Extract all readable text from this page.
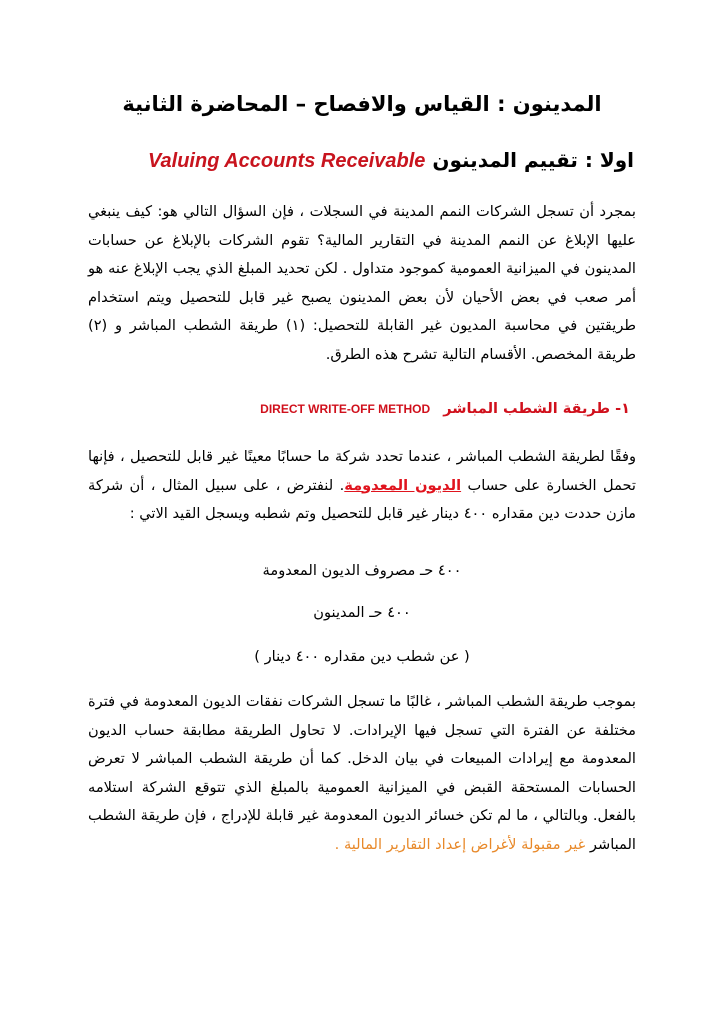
المدينون : القياس والافصاح – المحاضرة الثانية
اولا : تقييم المدينون Valuing Accounts Receivable
بمجرد أن تسجل الشركات النمم المدينة في السجلات ، فإن السؤال التالي هو: كيف ينبغي عليها الإبلاغ عن النمم المدينة في التقارير المالية؟ تقوم الشركات بالإبلاغ عن حسابات المدينون في الميزانية العمومية كموجود متداول . لكن تحديد المبلغ الذي يجب الإبلاغ عنه هو أمر صعب في بعض الأحيان لأن بعض المدينون يصبح غير قابل للتحصيل ويتم استخدام طريقتين في محاسبة المديون غير القابلة للتحصيل: (١) طريقة الشطب المباشر و (٢) طريقة المخصص. الأقسام التالية تشرح هذه الطرق.
١- طريقة الشطب المباشر DIRECT WRITE-OFF METHOD
وفقًا لطريقة الشطب المباشر ، عندما تحدد شركة ما حسابًا معينًا غير قابل للتحصيل ، فإنها تحمل الخسارة على حساب الديون المعدومة. لنفترض ، على سبيل المثال ، أن شركة مازن حددت دين مقداره ٤٠٠ دينار غير قابل للتحصيل وتم شطبه ويسجل القيد الاتي :
٤٠٠ حـ مصروف الديون المعدومة
٤٠٠ حـ المدينون
( عن شطب دين مقداره ٤٠٠ دينار )
بموجب طريقة الشطب المباشر ، غالبًا ما تسجل الشركات نفقات الديون المعدومة في فترة مختلفة عن الفترة التي تسجل فيها الإيرادات. لا تحاول الطريقة مطابقة حساب الديون المعدومة مع إيرادات المبيعات في بيان الدخل. كما أن طريقة الشطب المباشر لا تعرض الحسابات المستحقة القبض في الميزانية العمومية بالمبلغ الذي تتوقع الشركة استلامه بالفعل. وبالتالي ، ما لم تكن خسائر الديون المعدومة غير قابلة للإدراج ، فإن طريقة الشطب المباشر غير مقبولة لأغراض إعداد التقارير المالية .
